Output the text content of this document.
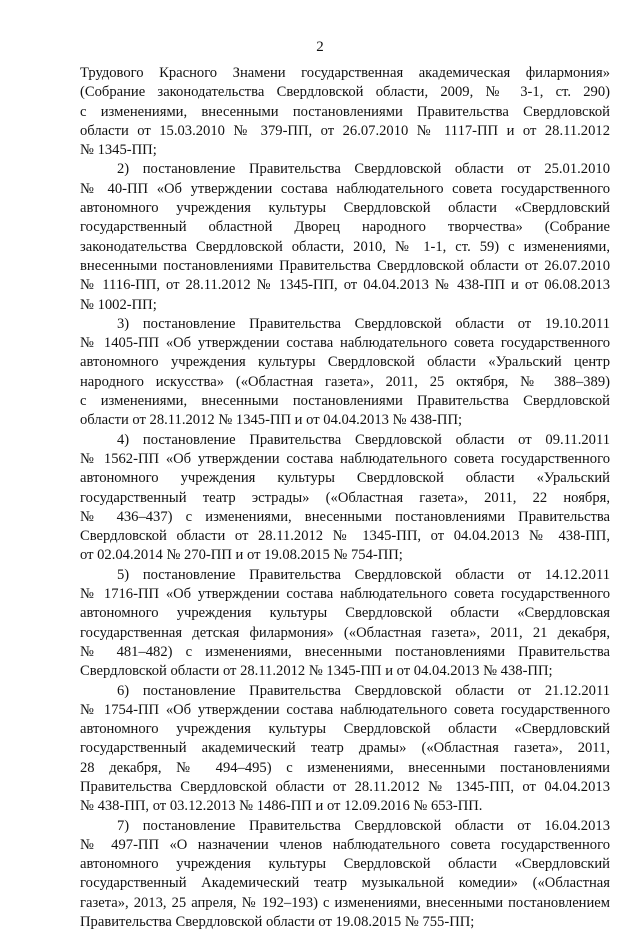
2
Трудового Красного Знамени государственная академическая филармония»
(Собрание законодательства Свердловской области, 2009, № 3-1, ст. 290)
с изменениями, внесенными постановлениями Правительства Свердловской
области от 15.03.2010 № 379-ПП, от 26.07.2010 № 1117-ПП и от 28.11.2012
№ 1345-ПП;
2) постановление Правительства Свердловской области от 25.01.2010
№ 40-ПП «Об утверждении состава наблюдательного совета государственного
автономного учреждения культуры Свердловской области «Свердловский
государственный областной Дворец народного творчества» (Собрание
законодательства Свердловской области, 2010, № 1-1, ст. 59) с изменениями,
внесенными постановлениями Правительства Свердловской области от 26.07.2010
№ 1116-ПП, от 28.11.2012 № 1345-ПП, от 04.04.2013 № 438-ПП и от 06.08.2013
№ 1002-ПП;
3) постановление Правительства Свердловской области от 19.10.2011
№ 1405-ПП «Об утверждении состава наблюдательного совета государственного
автономного учреждения культуры Свердловской области «Уральский центр
народного искусства» («Областная газета», 2011, 25 октября, № 388–389)
с изменениями, внесенными постановлениями Правительства Свердловской
области от 28.11.2012 № 1345-ПП и от 04.04.2013 № 438-ПП;
4) постановление Правительства Свердловской области от 09.11.2011
№ 1562-ПП «Об утверждении состава наблюдательного совета государственного
автономного учреждения культуры Свердловской области «Уральский
государственный театр эстрады» («Областная газета», 2011, 22 ноября,
№ 436–437) с изменениями, внесенными постановлениями Правительства
Свердловской области от 28.11.2012 № 1345-ПП, от 04.04.2013 № 438-ПП,
от 02.04.2014 № 270-ПП и от 19.08.2015 № 754-ПП;
5) постановление Правительства Свердловской области от 14.12.2011
№ 1716-ПП «Об утверждении состава наблюдательного совета государственного
автономного учреждения культуры Свердловской области «Свердловская
государственная детская филармония» («Областная газета», 2011, 21 декабря,
№ 481–482) с изменениями, внесенными постановлениями Правительства
Свердловской области от 28.11.2012 № 1345-ПП и от 04.04.2013 № 438-ПП;
6) постановление Правительства Свердловской области от 21.12.2011
№ 1754-ПП «Об утверждении состава наблюдательного совета государственного
автономного учреждения культуры Свердловской области «Свердловский
государственный академический театр драмы» («Областная газета», 2011,
28 декабря, № 494–495) с изменениями, внесенными постановлениями
Правительства Свердловской области от 28.11.2012 № 1345-ПП, от 04.04.2013
№ 438-ПП, от 03.12.2013 № 1486-ПП и от 12.09.2016 № 653-ПП.
7) постановление Правительства Свердловской области от 16.04.2013
№ 497-ПП «О назначении членов наблюдательного совета государственного
автономного учреждения культуры Свердловской области «Свердловский
государственный Академический театр музыкальной комедии» («Областная
газета», 2013, 25 апреля, № 192–193) с изменениями, внесенными постановлением
Правительства Свердловской области от 19.08.2015 № 755-ПП;
